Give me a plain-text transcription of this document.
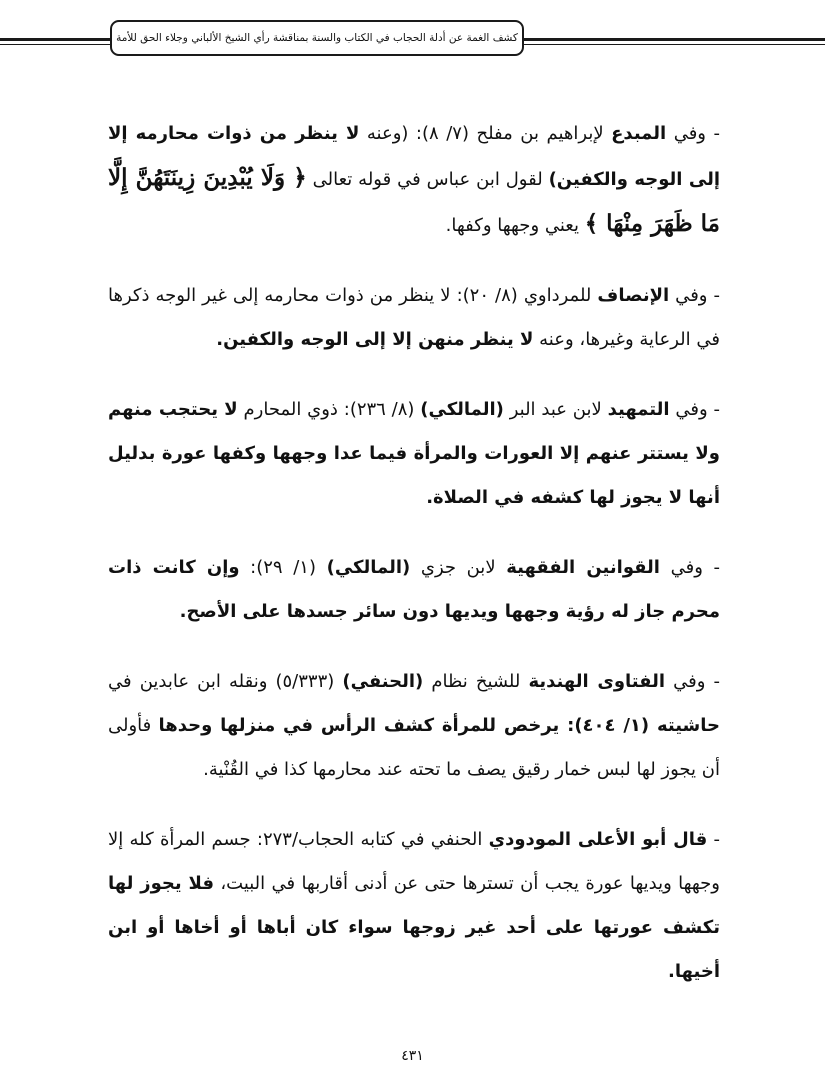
كشف الغمة عن أدلة الحجاب في الكتاب والسنة بمناقشة رأي الشيخ الألباني وجلاء الحق للأمة

- وفي المبدع لإبراهيم بن مفلح (٧/ ٨): (وعنه لا ينظر من ذوات محارمه إلا إلى الوجه والكفين) لقول ابن عباس في قوله تعالى ﴿ وَلَا يُبْدِينَ زِينَتَهُنَّ إِلَّا مَا ظَهَرَ مِنْهَا ﴾ يعني وجهها وكفها.

- وفي الإنصاف للمرداوي (٨/ ٢٠): لا ينظر من ذوات محارمه إلى غير الوجه ذكرها في الرعاية وغيرها، وعنه لا ينظر منهن إلا إلى الوجه والكفين.

- وفي التمهيد لابن عبد البر (المالكي) (٨/ ٢٣٦): ذوي المحارم لا يحتجب منهم ولا يستتر عنهم إلا العورات والمرأة فيما عدا وجهها وكفها عورة بدليل أنها لا يجوز لها كشفه في الصلاة.

- وفي القوانين الفقهية لابن جزي (المالكي) (١/ ٢٩): وإن كانت ذات محرم جاز له رؤية وجهها ويديها دون سائر جسدها على الأصح.

- وفي الفتاوى الهندية للشيخ نظام (الحنفي) (٥/٣٣٣) ونقله ابن عابدين في حاشيته (١/ ٤٠٤): يرخص للمرأة كشف الرأس في منزلها وحدها فأولى أن يجوز لها لبس خمار رقيق يصف ما تحته عند محارمها كذا في القُنْية.

- قال أبو الأعلى المودودي الحنفي في كتابه الحجاب/٢٧٣: جسم المرأة كله إلا وجهها ويديها عورة يجب أن تسترها حتى عن أدنى أقاربها في البيت، فلا يجوز لها تكشف عورتها على أحد غير زوجها سواء كان أباها أو أخاها أو ابن أخيها.

٤٣١
